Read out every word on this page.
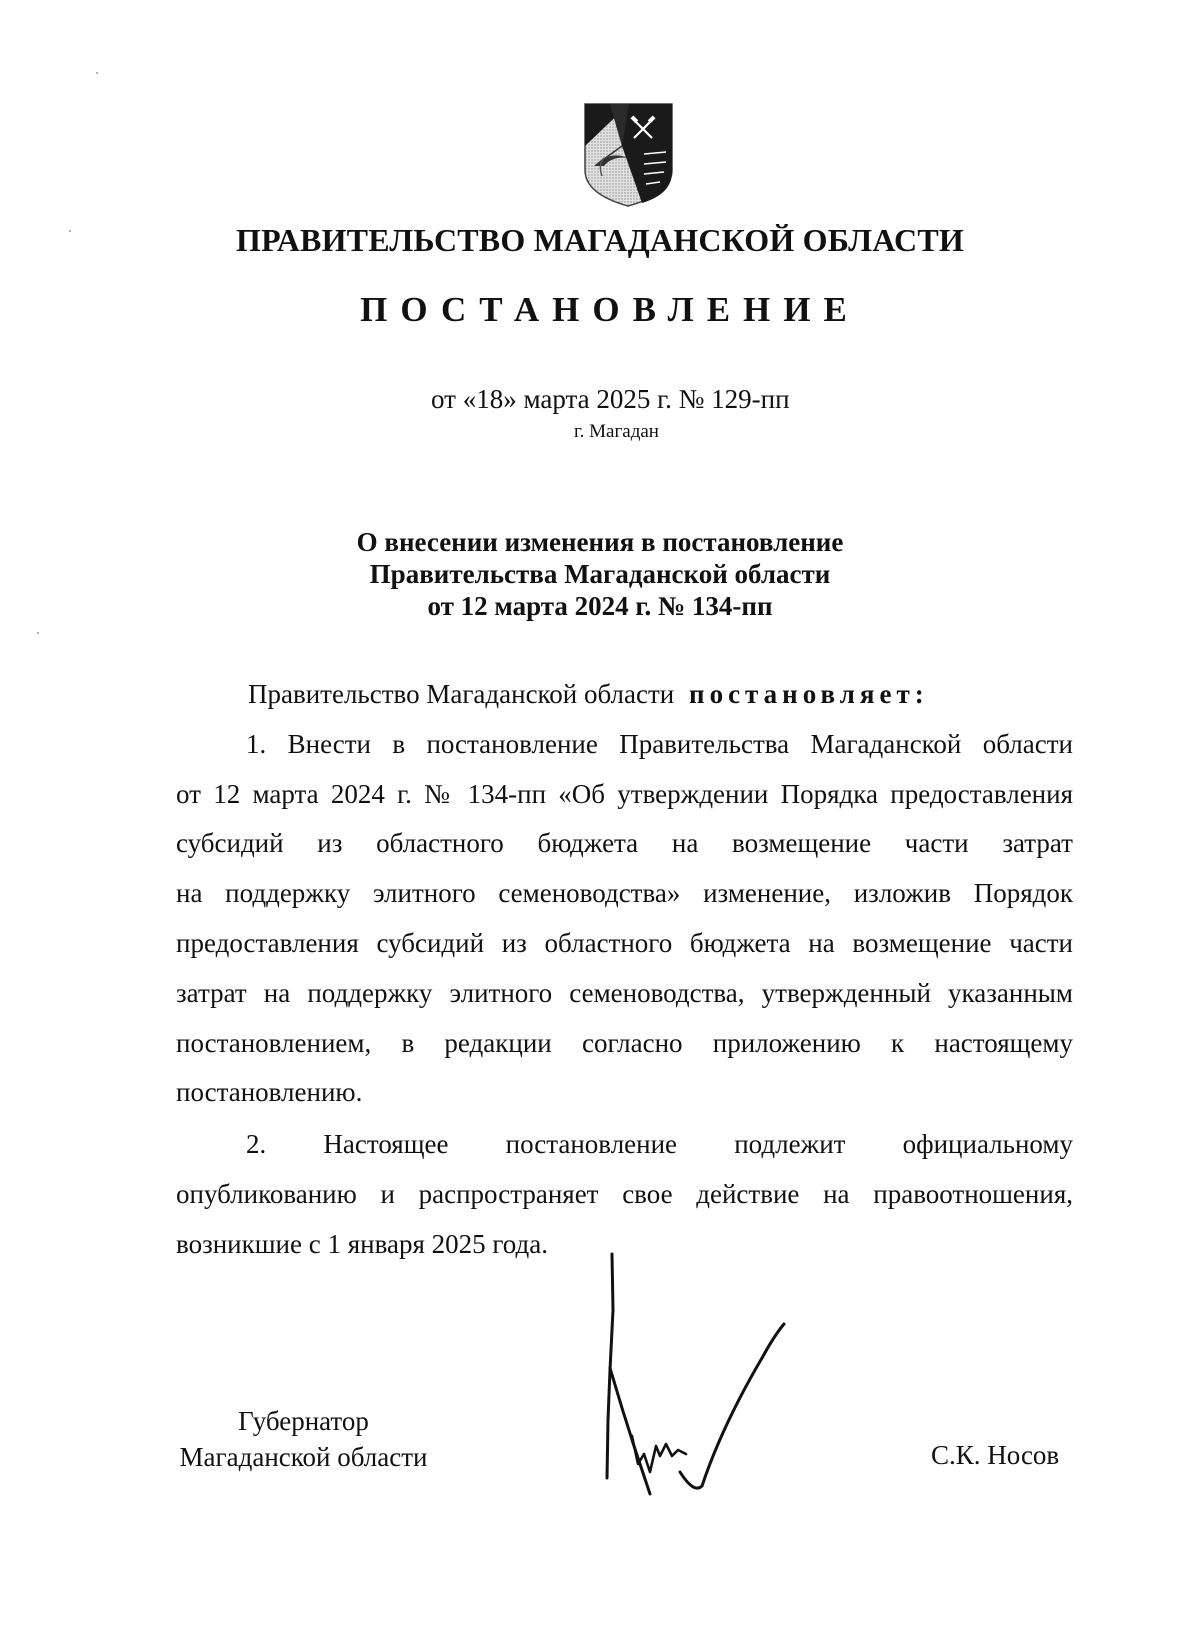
ПРАВИТЕЛЬСТВО МАГАДАНСКОЙ ОБЛАСТИ
ПОСТАНОВЛЕНИЕ
от «18» марта 2025 г. № 129-пп
г. Магадан
О внесении изменения в постановление
Правительства Магаданской области
от 12 марта 2024 г. № 134-пп
Правительство Магаданской области постановляет:
1. Внести в постановление Правительства Магаданской области
от 12 марта 2024 г. № 134-пп «Об утверждении Порядка предоставления
субсидий из областного бюджета на возмещение части затрат
на поддержку элитного семеноводства» изменение, изложив Порядок
предоставления субсидий из областного бюджета на возмещение части
затрат на поддержку элитного семеноводства, утвержденный указанным
постановлением, в редакции согласно приложению к настоящему
постановлению.
2. Настоящее постановление подлежит официальному
опубликованию и распространяет свое действие на правоотношения,
возникшие с 1 января 2025 года.
Губернатор
Магаданской области	С.К. Носов
